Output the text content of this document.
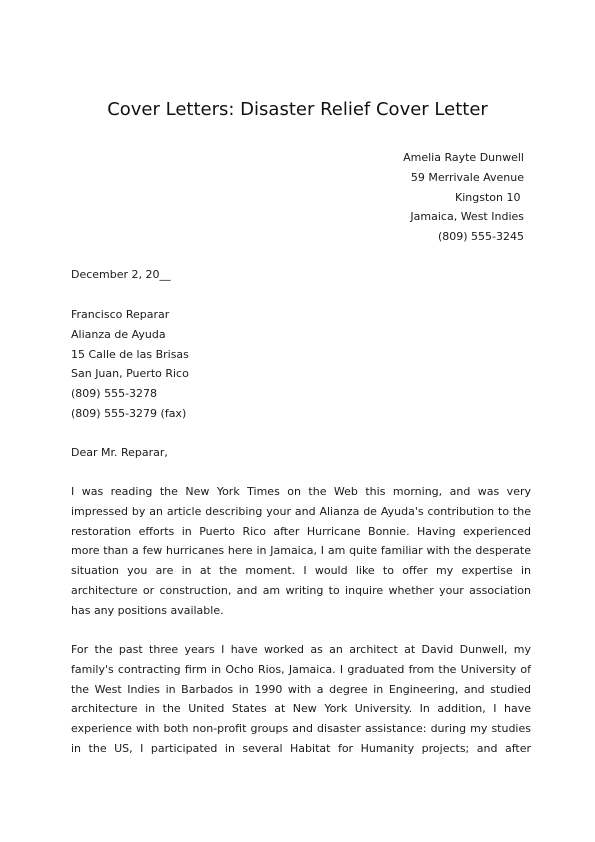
Cover Letters: Disaster Relief Cover Letter
Amelia Rayte Dunwell
59 Merrivale Avenue
Kingston 10
Jamaica, West Indies
(809) 555-3245
December 2, 20__
Francisco Reparar
Alianza de Ayuda
15 Calle de las Brisas
San Juan, Puerto Rico
(809) 555-3278
(809) 555-3279 (fax)
Dear Mr. Reparar,
I was reading the New York Times on the Web this morning, and was very
impressed by an article describing your and Alianza de Ayuda's contribution to the
restoration efforts in Puerto Rico after Hurricane Bonnie. Having experienced
more than a few hurricanes here in Jamaica, I am quite familiar with the desperate
situation you are in at the moment. I would like to offer my expertise in
architecture or construction, and am writing to inquire whether your association
has any positions available.
For the past three years I have worked as an architect at David Dunwell, my
family's contracting firm in Ocho Rios, Jamaica. I graduated from the University of
the West Indies in Barbados in 1990 with a degree in Engineering, and studied
architecture in the United States at New York University. In addition, I have
experience with both non-profit groups and disaster assistance: during my studies
in the US, I participated in several Habitat for Humanity projects; and after
